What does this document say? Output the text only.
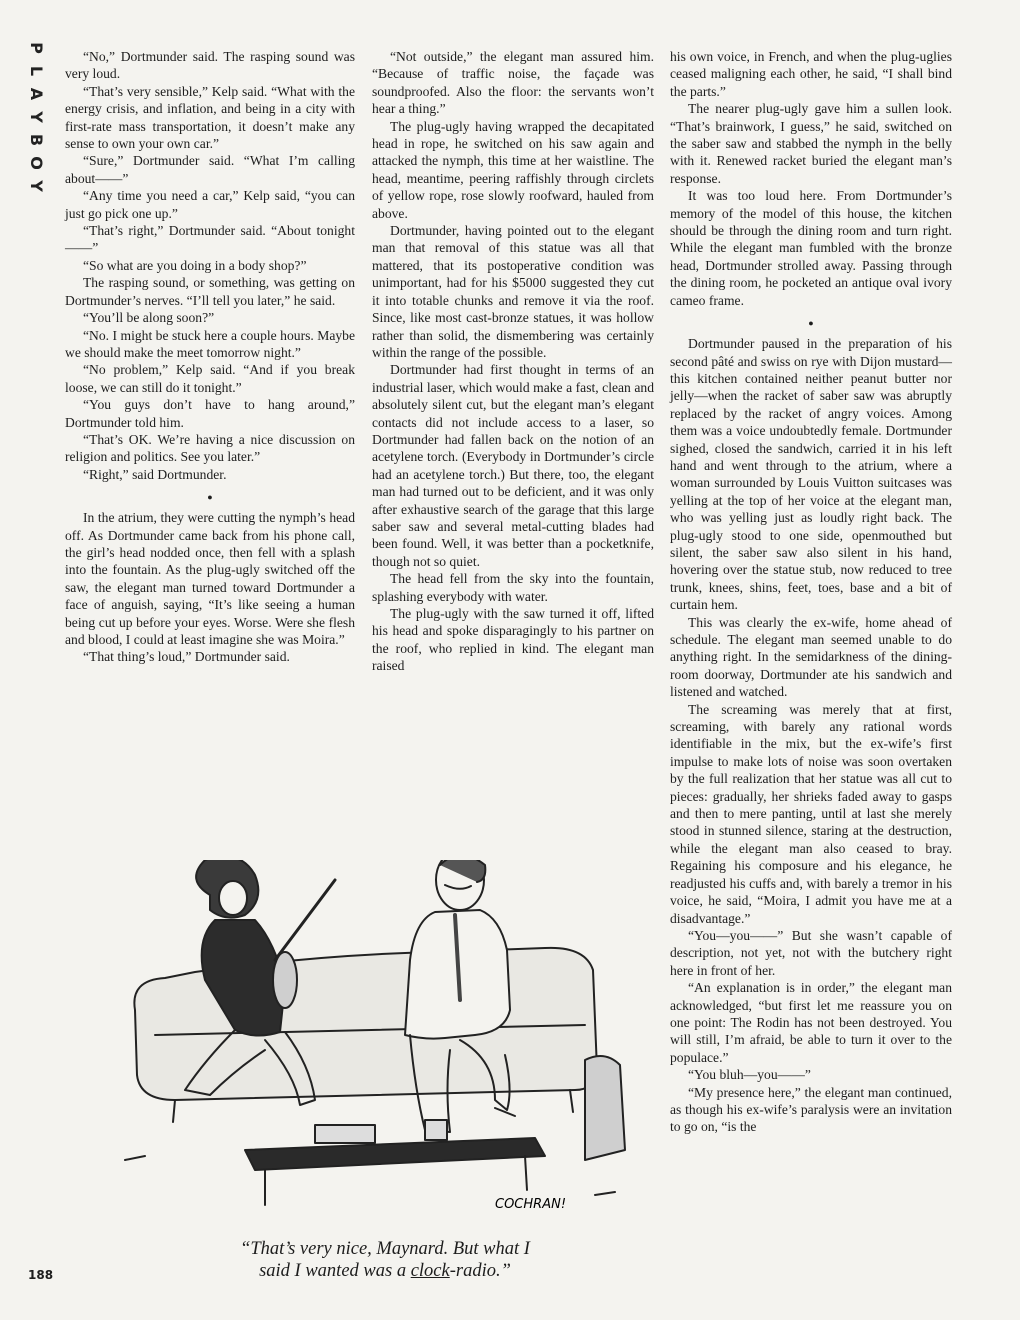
P
L
A
Y
B
O
Y

“No,” Dortmunder said. The rasping sound was very loud.

“That’s very sensible,” Kelp said. “What with the energy crisis, and inflation, and being in a city with first-rate mass transportation, it doesn’t make any sense to own your own car.”

“Sure,” Dortmunder said. “What I’m calling about——”

“Any time you need a car,” Kelp said, “you can just go pick one up.”

“That’s right,” Dortmunder said. “About tonight——”

“So what are you doing in a body shop?”

The rasping sound, or something, was getting on Dortmunder’s nerves. “I’ll tell you later,” he said.

“You’ll be along soon?”

“No. I might be stuck here a couple hours. Maybe we should make the meet tomorrow night.”

“No problem,” Kelp said. “And if you break loose, we can still do it tonight.”

“You guys don’t have to hang around,” Dortmunder told him.

“That’s OK. We’re having a nice discussion on religion and politics. See you later.”

“Right,” said Dortmunder.

●

In the atrium, they were cutting the nymph’s head off. As Dortmunder came back from his phone call, the girl’s head nodded once, then fell with a splash into the fountain. As the plug-ugly switched off the saw, the elegant man turned toward Dortmunder a face of anguish, saying, “It’s like seeing a human being cut up before your eyes. Worse. Were she flesh and blood, I could at least imagine she was Moira.”

“That thing’s loud,” Dortmunder said.

“Not outside,” the elegant man assured him. “Because of traffic noise, the façade was soundproofed. Also the floor: the servants won’t hear a thing.”

The plug-ugly having wrapped the decapitated head in rope, he switched on his saw again and attacked the nymph, this time at her waistline. The head, meantime, peering raffishly through circlets of yellow rope, rose slowly roofward, hauled from above.

Dortmunder, having pointed out to the elegant man that removal of this statue was all that mattered, that its postoperative condition was unimportant, had for his $5000 suggested they cut it into totable chunks and remove it via the roof. Since, like most cast-bronze statues, it was hollow rather than solid, the dismembering was certainly within the range of the possible.

Dortmunder had first thought in terms of an industrial laser, which would make a fast, clean and absolutely silent cut, but the elegant man’s elegant contacts did not include access to a laser, so Dortmunder had fallen back on the notion of an acetylene torch. (Everybody in Dortmunder’s circle had an acetylene torch.) But there, too, the elegant man had turned out to be deficient, and it was only after exhaustive search of the garage that this large saber saw and several metal-cutting blades had been found. Well, it was better than a pocketknife, though not so quiet.

The head fell from the sky into the fountain, splashing everybody with water.

The plug-ugly with the saw turned it off, lifted his head and spoke disparagingly to his partner on the roof, who replied in kind. The elegant man raised

his own voice, in French, and when the plug-uglies ceased maligning each other, he said, “I shall bind the parts.”

The nearer plug-ugly gave him a sullen look. “That’s brainwork, I guess,” he said, switched on the saber saw and stabbed the nymph in the belly with it. Renewed racket buried the elegant man’s response.

It was too loud here. From Dortmunder’s memory of the model of this house, the kitchen should be through the dining room and turn right. While the elegant man fumbled with the bronze head, Dortmunder strolled away. Passing through the dining room, he pocketed an antique oval ivory cameo frame.

●

Dortmunder paused in the preparation of his second pâté and swiss on rye with Dijon mustard—this kitchen contained neither peanut butter nor jelly—when the racket of saber saw was abruptly replaced by the racket of angry voices. Among them was a voice undoubtedly female. Dortmunder sighed, closed the sandwich, carried it in his left hand and went through to the atrium, where a woman surrounded by Louis Vuitton suitcases was yelling at the top of her voice at the elegant man, who was yelling just as loudly right back. The plug-ugly stood to one side, openmouthed but silent, the saber saw also silent in his hand, hovering over the statue stub, now reduced to tree trunk, knees, shins, feet, toes, base and a bit of curtain hem.

This was clearly the ex-wife, home ahead of schedule. The elegant man seemed unable to do anything right. In the semidarkness of the dining-room doorway, Dortmunder ate his sandwich and listened and watched.

The screaming was merely that at first, screaming, with barely any rational words identifiable in the mix, but the ex-wife’s first impulse to make lots of noise was soon overtaken by the full realization that her statue was all cut to pieces: gradually, her shrieks faded away to gasps and then to mere panting, until at last she merely stood in stunned silence, staring at the destruction, while the elegant man also ceased to bray. Regaining his composure and his elegance, he readjusted his cuffs and, with barely a tremor in his voice, he said, “Moira, I admit you have me at a disadvantage.”

“You—you——” But she wasn’t capable of description, not yet, not with the butchery right here in front of her.

“An explanation is in order,” the elegant man acknowledged, “but first let me reassure you on one point: The Rodin has not been destroyed. You will still, I’m afraid, be able to turn it over to the populace.”

“You bluh—you——”

“My presence here,” the elegant man continued, as though his ex-wife’s paralysis were an invitation to go on, “is the

COCHRAN!
“That’s very nice, Maynard. But what I
said I wanted was a clock-radio.”
188
